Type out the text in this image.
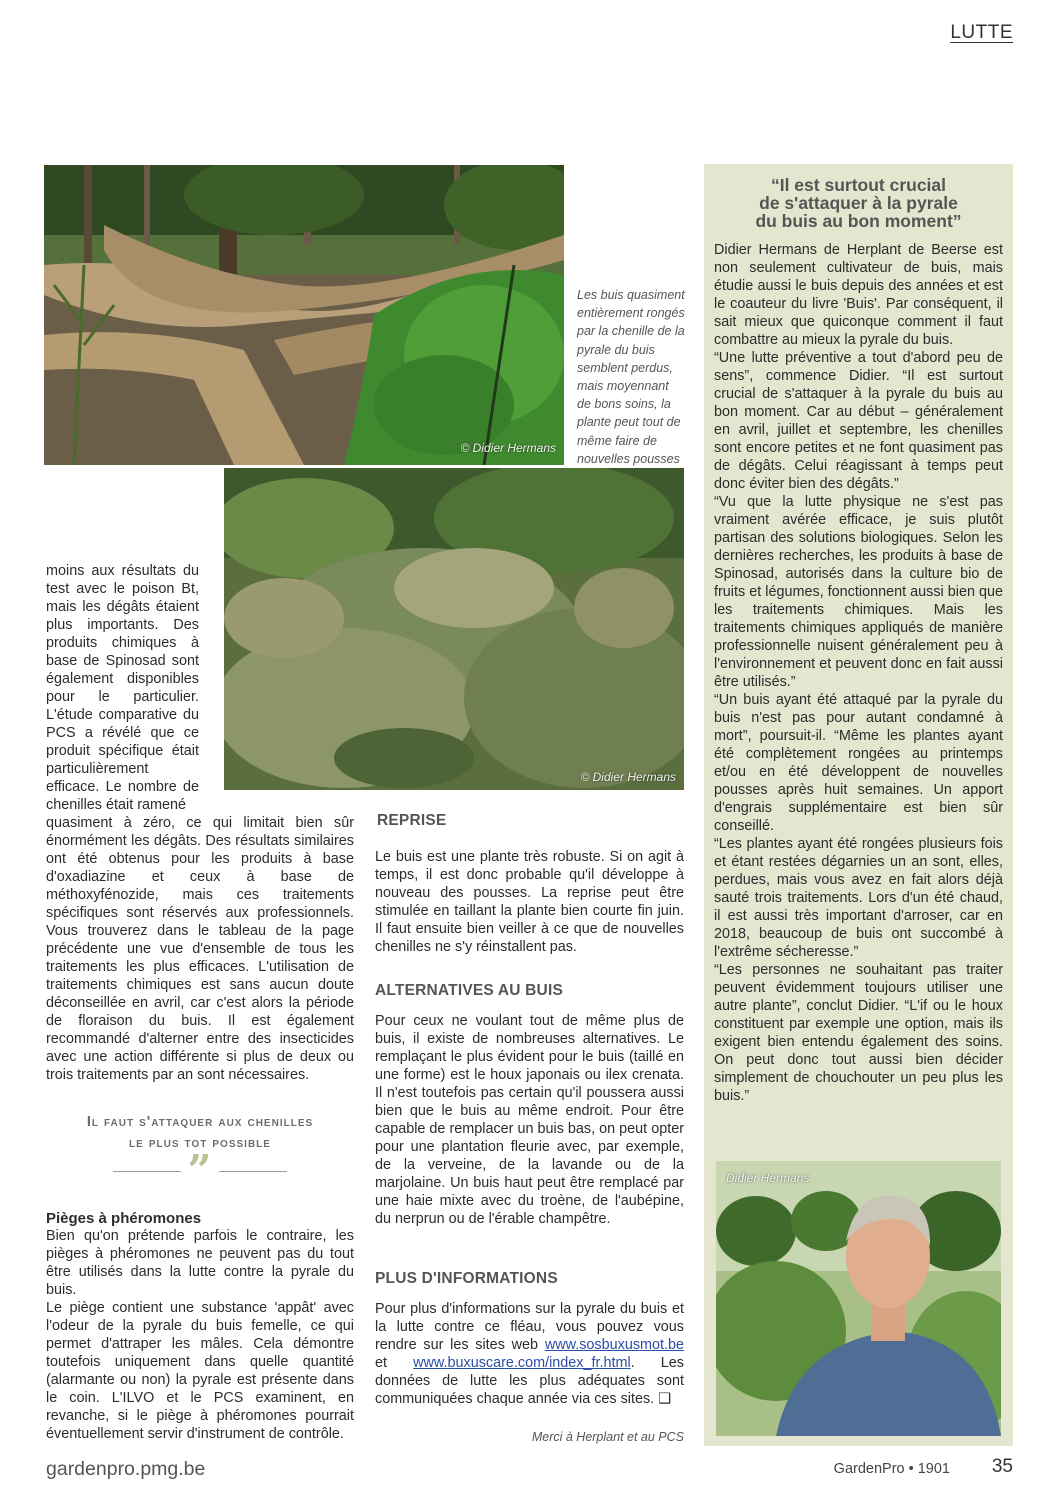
LUTTE
© Didier Hermans
Les buis quasiment entièrement rongés par la chenille de la pyrale du buis semblent perdus, mais moyennant de bons soins, la plante peut tout de même faire de nouvelles pousses
© Didier Hermans

moins aux résultats du test avec le poison Bt, mais les dégâts étaient plus importants. Des produits chimiques à base de Spinosad sont également disponibles pour le particulier. L'étude comparative du PCS a révélé que ce produit spécifique était particulièrement efficace. Le nombre de chenilles était ramené

quasiment à zéro, ce qui limitait bien sûr énormément les dégâts. Des résultats similaires ont été obtenus pour les produits à base d'oxadiazine et ceux à base de méthoxyfénozide, mais ces traitements spécifiques sont réservés aux professionnels. Vous trouverez dans le tableau de la page précédente une vue d'ensemble de tous les traitements les plus efficaces. L'utilisation de traitements chimiques est sans aucun doute déconseillée en avril, car c'est alors la période de floraison du buis. Il est également recommandé d'alterner entre des insecticides avec une action différente si plus de deux ou trois traitements par an sont nécessaires.

Il faut s'attaquer aux chenilles
le plus tot possible
”
Pièges à phéromones

Bien qu'on prétende parfois le contraire, les pièges à phéromones ne peuvent pas du tout être utilisés dans la lutte contre la pyrale du buis.

Le piège contient une substance 'appât' avec l'odeur de la pyrale du buis femelle, ce qui permet d'attraper les mâles. Cela démontre toutefois uniquement dans quelle quantité (alarmante ou non) la pyrale est présente dans le coin. L'ILVO et le PCS examinent, en revanche, si le piège à phéromones pourrait éventuellement servir d'instrument de contrôle.

REPRISE

Le buis est une plante très robuste. Si on agit à temps, il est donc probable qu'il développe à nouveau des pousses. La reprise peut être stimulée en taillant la plante bien courte fin juin. Il faut ensuite bien veiller à ce que de nouvelles chenilles ne s'y réinstallent pas.

ALTERNATIVES AU BUIS

Pour ceux ne voulant tout de même plus de buis, il existe de nombreuses alternatives. Le remplaçant le plus évident pour le buis (taillé en une forme) est le houx japonais ou ilex crenata. Il n'est toutefois pas certain qu'il poussera aussi bien que le buis au même endroit. Pour être capable de remplacer un buis bas, on peut opter pour une plantation fleurie avec, par exemple, de la verveine, de la lavande ou de la marjolaine. Un buis haut peut être remplacé par une haie mixte avec du troène, de l'aubépine, du nerprun ou de l'érable champêtre.

PLUS D'INFORMATIONS

Pour plus d'informations sur la pyrale du buis et la lutte contre ce fléau, vous pouvez vous rendre sur les sites web www.sosbuxusmot.be et www.buxuscare.com/index_fr.html. Les données de lutte les plus adéquates sont communiquées chaque année via ces sites. ❑

Merci à Herplant et au PCS
“Il est surtout crucial
de s'attaquer à la pyrale
du buis au bon moment”

Didier Hermans de Herplant de Beerse est non seulement cultivateur de buis, mais étudie aussi le buis depuis des années et est le coauteur du livre 'Buis'. Par conséquent, il sait mieux que quiconque comment il faut combattre au mieux la pyrale du buis.

“Une lutte préventive a tout d'abord peu de sens”, commence Didier. “Il est surtout crucial de s'attaquer à la pyrale du buis au bon moment. Car au début – généralement en avril, juillet et septembre, les chenilles sont encore petites et ne font quasiment pas de dégâts. Celui réagissant à temps peut donc éviter bien des dégâts.”

“Vu que la lutte physique ne s'est pas vraiment avérée efficace, je suis plutôt partisan des solutions biologiques. Selon les dernières recherches, les produits à base de Spinosad, autorisés dans la culture bio de fruits et légumes, fonctionnent aussi bien que les traitements chimiques. Mais les traitements chimiques appliqués de manière professionnelle nuisent généralement peu à l'environnement et peuvent donc en fait aussi être utilisés.”

“Un buis ayant été attaqué par la pyrale du buis n'est pas pour autant condamné à mort”, poursuit-il. “Même les plantes ayant été complètement rongées au printemps et/ou en été développent de nouvelles pousses après huit semaines. Un apport d'engrais supplémentaire est bien sûr conseillé.

“Les plantes ayant été rongées plusieurs fois et étant restées dégarnies un an sont, elles, perdues, mais vous avez en fait alors déjà sauté trois traitements. Lors d'un été chaud, il est aussi très important d'arroser, car en 2018, beaucoup de buis ont succombé à l'extrême sécheresse.”

“Les personnes ne souhaitant pas traiter peuvent évidemment toujours utiliser une autre plante”, conclut Didier. “L'if ou le houx constituent par exemple une option, mais ils exigent bien entendu également des soins. On peut donc tout aussi bien décider simplement de chouchouter un peu plus les buis.”

Didier Hermans
gardenpro.pmg.be	GardenPro • 1901 35
